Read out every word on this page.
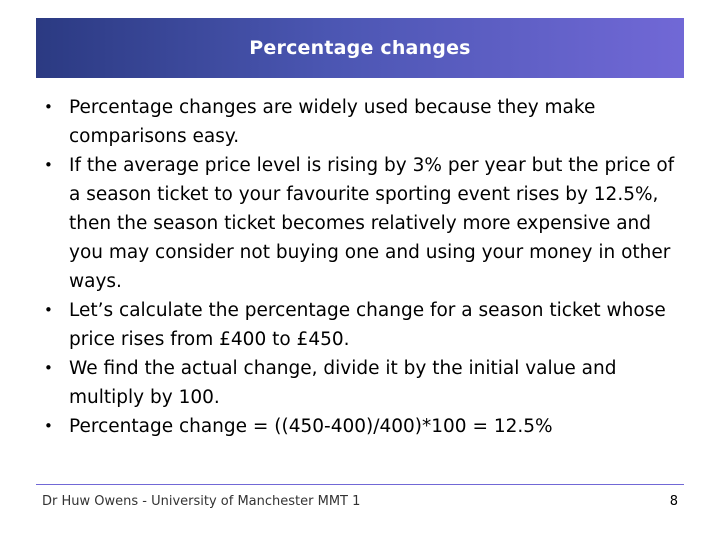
Percentage changes
• Percentage changes are widely used because they make comparisons easy.
• If the average price level is rising by 3% per year but the price of a season ticket to your favourite sporting event rises by 12.5%, then the season ticket becomes relatively more expensive and you may consider not buying one and using your money in other ways.
• Let’s calculate the percentage change for a season ticket whose price rises from £400 to £450.
• We find the actual change, divide it by the initial value and multiply by 100.
• Percentage change = ((450-400)/400)*100 = 12.5%
Dr Huw Owens - University of Manchester MMT 1	8
